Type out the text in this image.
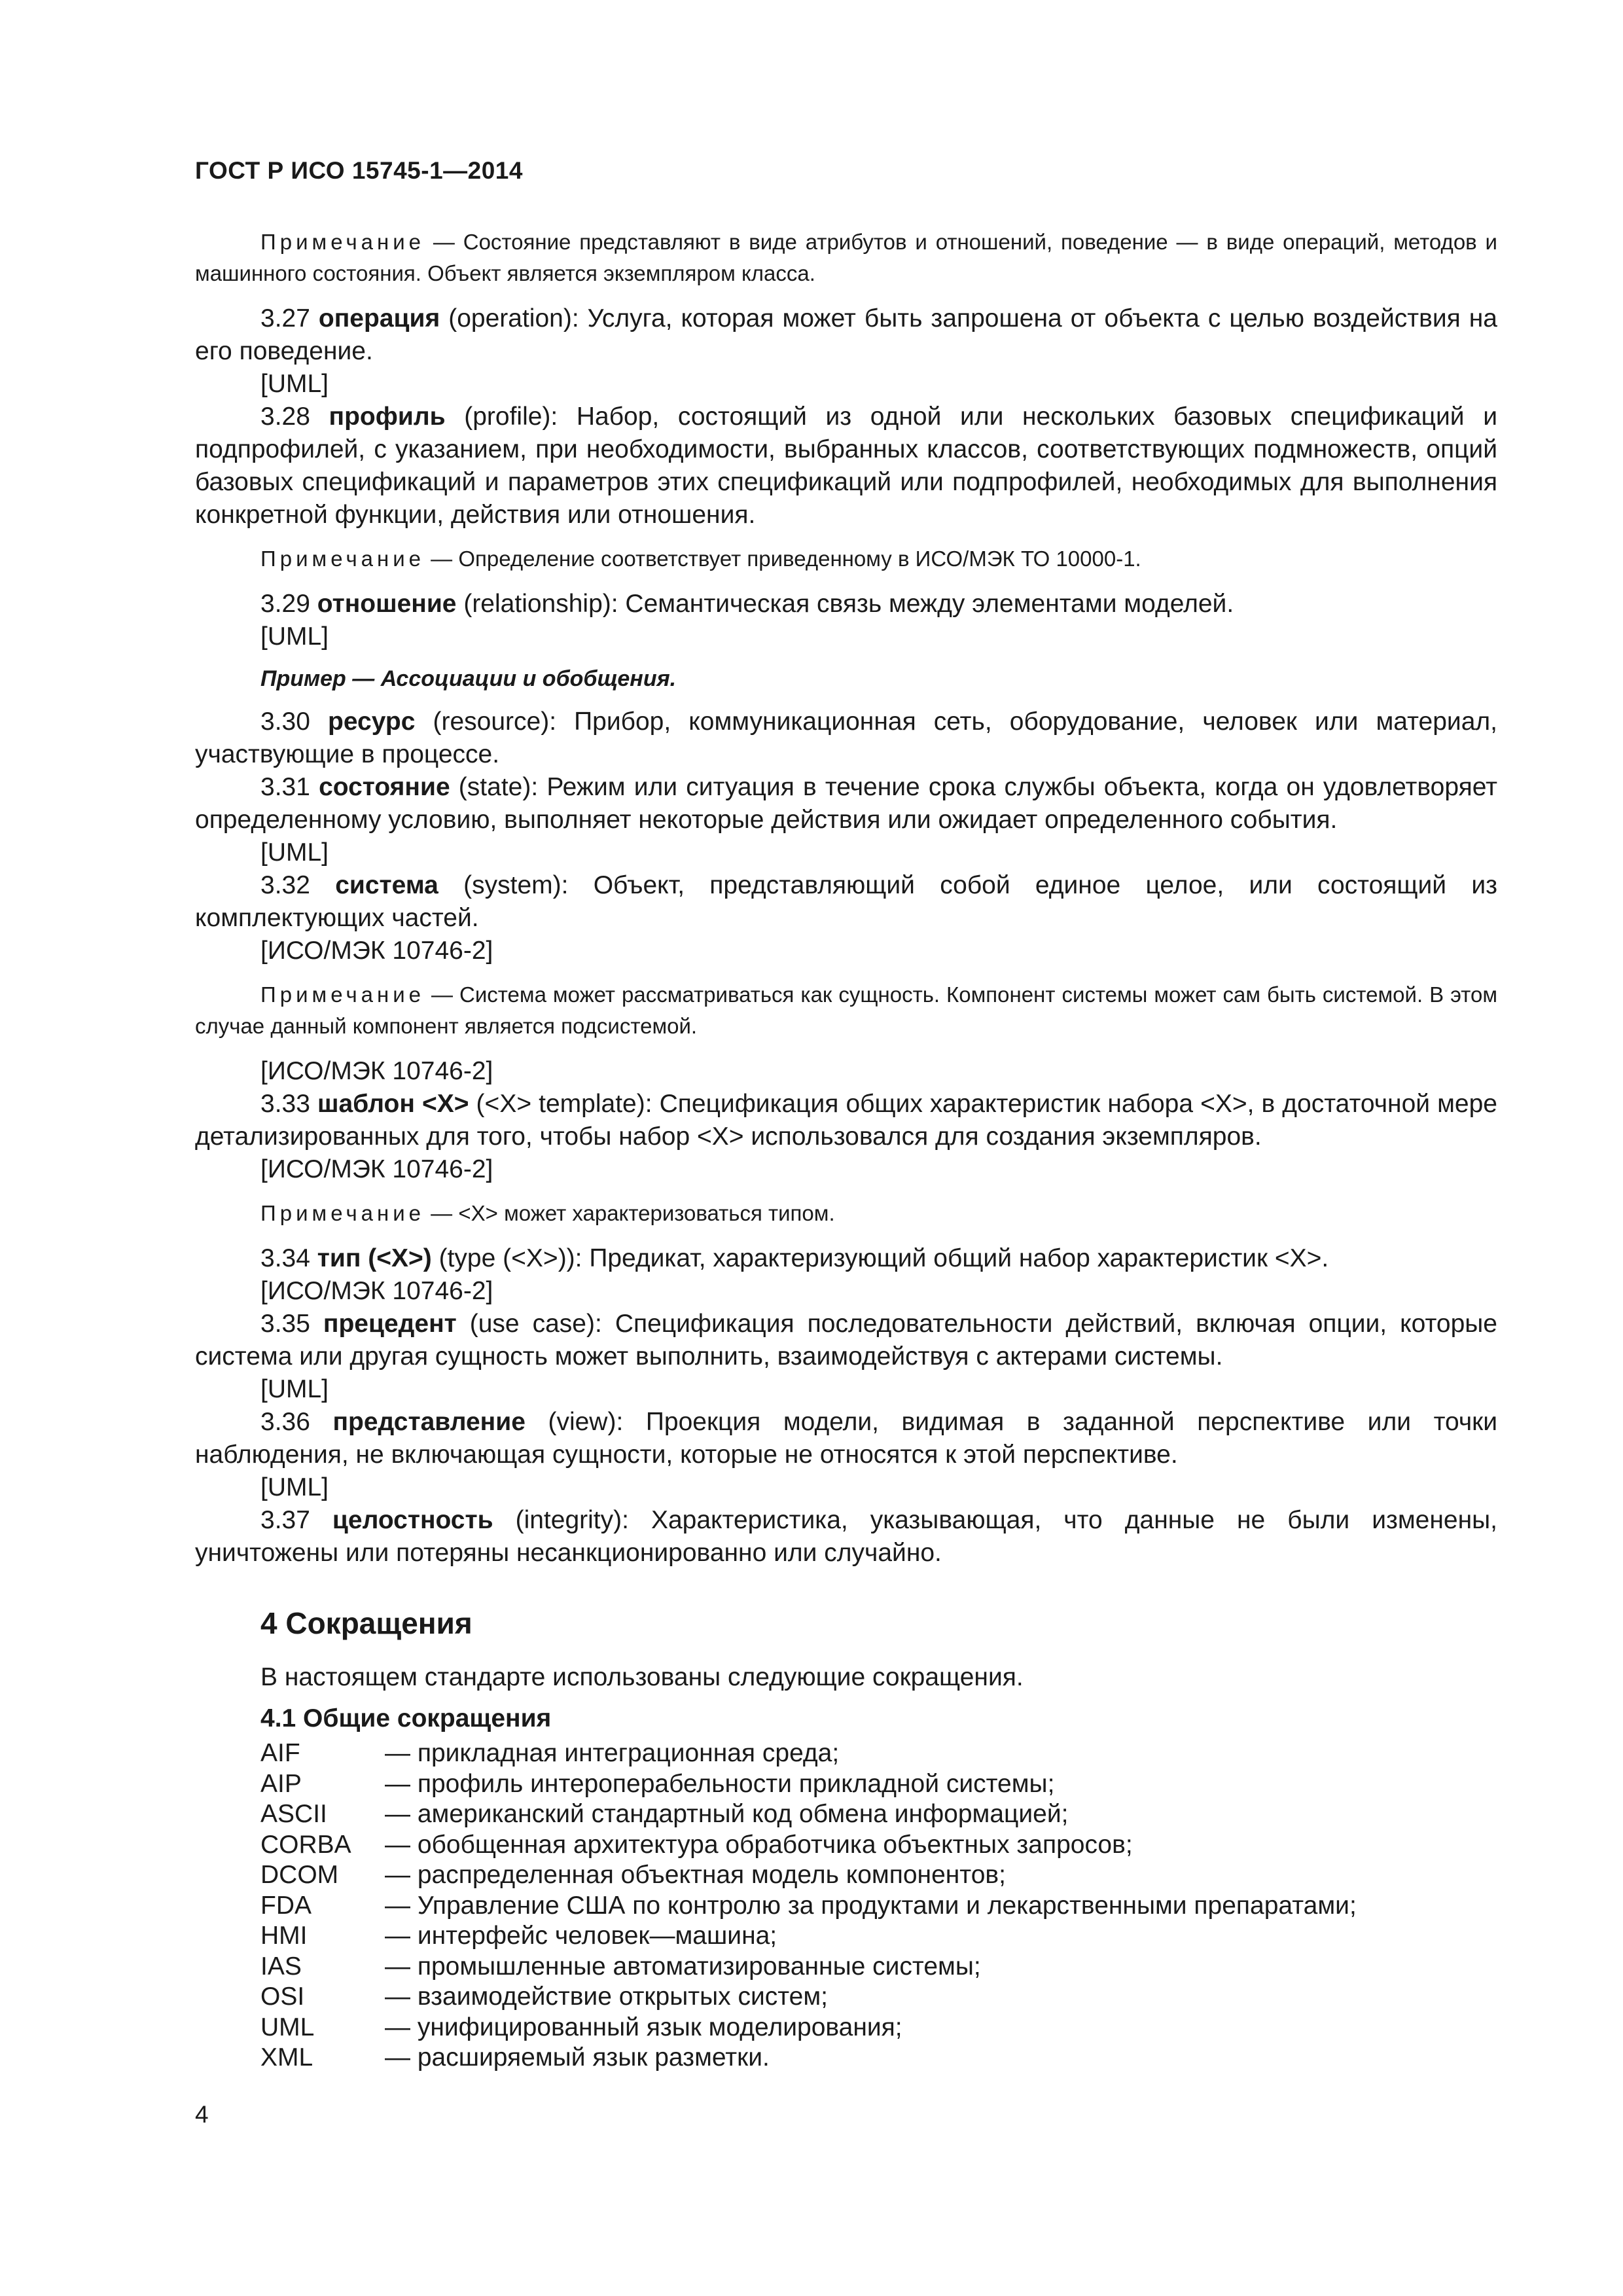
ГОСТ Р ИСО 15745-1—2014

Примечание — Состояние представляют в виде атрибутов и отношений, поведение — в виде операций, методов и машинного состояния. Объект является экземпляром класса.

3.27 операция (operation): Услуга, которая может быть запрошена от объекта с целью воздействия на его поведение.

[UML]

3.28 профиль (profile): Набор, состоящий из одной или нескольких базовых спецификаций и подпрофилей, с указанием, при необходимости, выбранных классов, соответствующих подмножеств, опций базовых спецификаций и параметров этих спецификаций или подпрофилей, необходимых для выполнения конкретной функции, действия или отношения.

Примечание — Определение соответствует приведенному в ИСО/МЭК ТО 10000-1.

3.29 отношение (relationship): Семантическая связь между элементами моделей.

[UML]

Пример — Ассоциации и обобщения.

3.30 ресурс (resource): Прибор, коммуникационная сеть, оборудование, человек или материал, участвующие в процессе.

3.31 состояние (state): Режим или ситуация в течение срока службы объекта, когда он удовлетворяет определенному условию, выполняет некоторые действия или ожидает определенного события.

[UML]

3.32 система (system): Объект, представляющий собой единое целое, или состоящий из комплектующих частей.

[ИСО/МЭК 10746-2]

Примечание — Система может рассматриваться как сущность. Компонент системы может сам быть системой. В этом случае данный компонент является подсистемой.

[ИСО/МЭК 10746-2]

3.33 шаблон <X> (<X> template): Спецификация общих характеристик набора <X>, в достаточной мере детализированных для того, чтобы набор <X> использовался для создания экземпляров.

[ИСО/МЭК 10746-2]

Примечание — <X> может характеризоваться типом.

3.34 тип (<X>) (type (<X>)): Предикат, характеризующий общий набор характеристик <X>.

[ИСО/МЭК 10746-2]

3.35 прецедент (use case): Спецификация последовательности действий, включая опции, которые система или другая сущность может выполнить, взаимодействуя с актерами системы.

[UML]

3.36 представление (view): Проекция модели, видимая в заданной перспективе или точки наблюдения, не включающая сущности, которые не относятся к этой перспективе.

[UML]

3.37 целостность (integrity): Характеристика, указывающая, что данные не были изменены, уничтожены или потеряны несанкционированно или случайно.

4 Сокращения

В настоящем стандарте использованы следующие сокращения.

4.1 Общие сокращения

AIF	— прикладная интеграционная среда;
AIP	— профиль интероперабельности прикладной системы;
ASCII	— американский стандартный код обмена информацией;
CORBA	— обобщенная архитектура обработчика объектных запросов;
DCOM	— распределенная объектная модель компонентов;
FDA	— Управление США по контролю за продуктами и лекарственными препаратами;
HMI	— интерфейс человек—машина;
IAS	— промышленные автоматизированные системы;
OSI	— взаимодействие открытых систем;
UML	— унифицированный язык моделирования;
XML	— расширяемый язык разметки.
4
